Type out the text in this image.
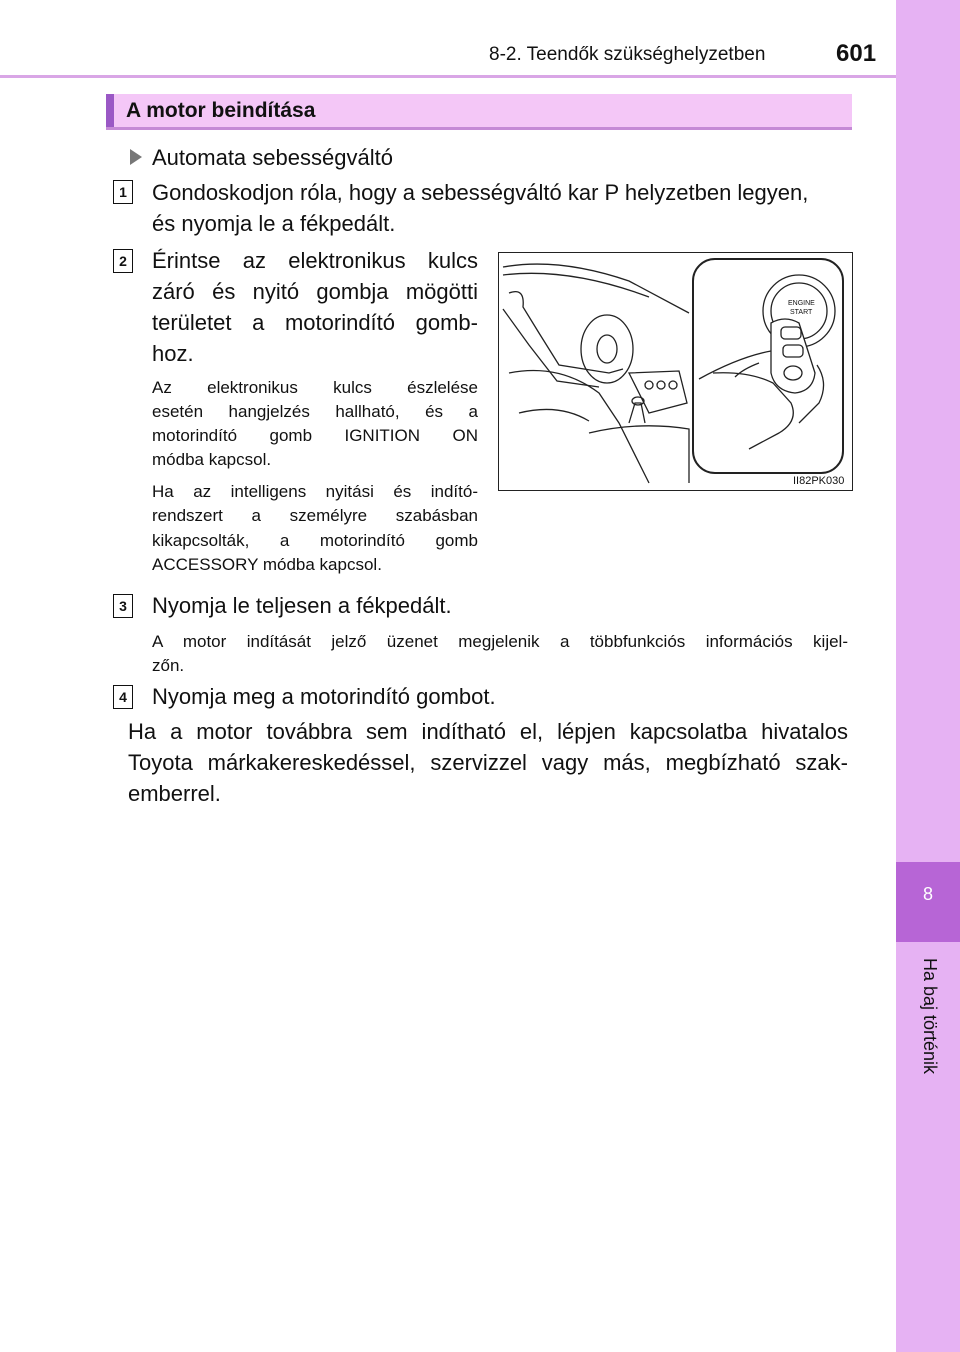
8-2. Teendők szükséghelyzetben	601
8
Ha baj történik
A motor beindítása
Automata sebességváltó
1 Gondoskodjon róla, hogy a sebességváltó kar P helyzetben legyen,
és nyomja le a fékpedált.
2 Érintse az elektronikus kulcs
záró és nyitó gombja mögötti
területet a motorindító gomb-
hoz.
Az elektronikus kulcs észlelése
esetén hangjelzés hallható, és a
motorindító gomb IGNITION ON
módba kapcsol.
Ha az intelligens nyitási és indító-
rendszert a személyre szabásban
kikapcsolták, a motorindító gomb
ACCESSORY módba kapcsol.
ENGINE
START
II82PK030
3 Nyomja le teljesen a fékpedált.
A motor indítását jelző üzenet megjelenik a többfunkciós információs kijel-
zőn.
4 Nyomja meg a motorindító gombot.
Ha a motor továbbra sem indítható el, lépjen kapcsolatba hivatalos
Toyota márkakereskedéssel, szervizzel vagy más, megbízható szak-
emberrel.
